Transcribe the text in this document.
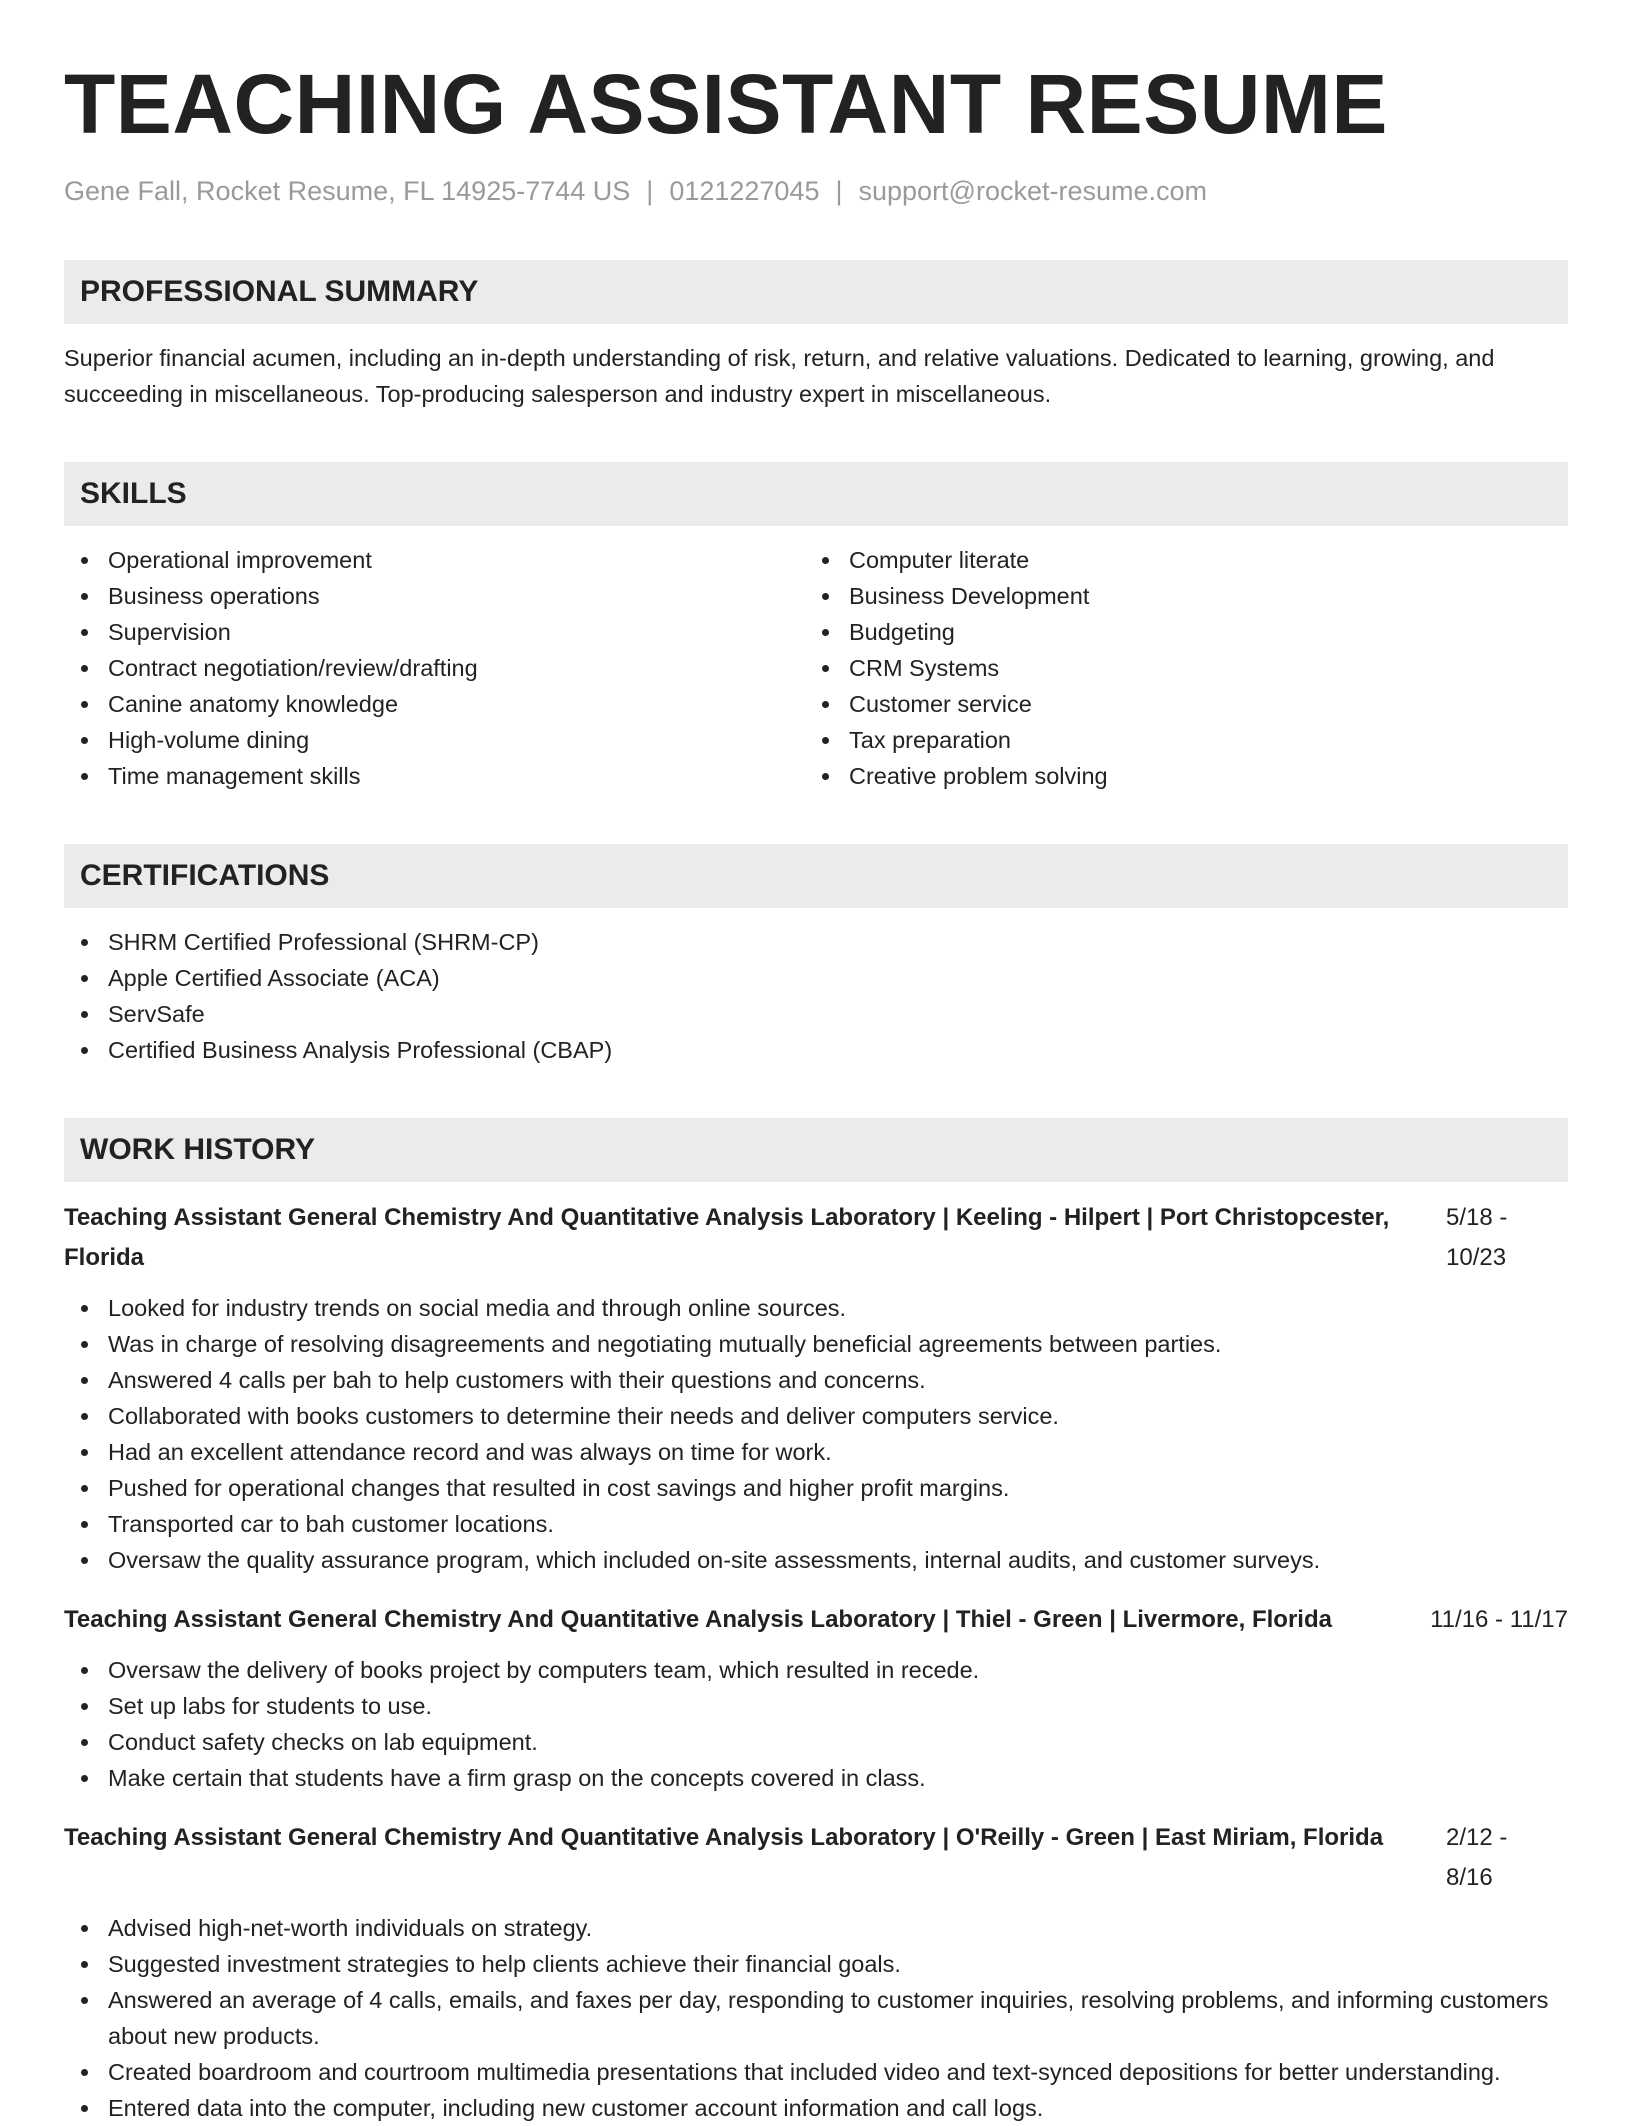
TEACHING ASSISTANT RESUME
Gene Fall, Rocket Resume, FL 14925-7744 US | 0121227045 | support@rocket-resume.com
PROFESSIONAL SUMMARY

Superior financial acumen, including an in-depth understanding of risk, return, and relative valuations. Dedicated to learning, growing, and succeeding in miscellaneous. Top-producing salesperson and industry expert in miscellaneous.

SKILLS
Operational improvement
Business operations
Supervision
Contract negotiation/review/drafting
Canine anatomy knowledge
High-volume dining
Time management skills
Computer literate
Business Development
Budgeting
CRM Systems
Customer service
Tax preparation
Creative problem solving
CERTIFICATIONS
SHRM Certified Professional (SHRM-CP)
Apple Certified Associate (ACA)
ServSafe
Certified Business Analysis Professional (CBAP)
WORK HISTORY
Teaching Assistant General Chemistry And Quantitative Analysis Laboratory | Keeling - Hilpert | Port Christopcester, Florida
5/18 - 10/23
Looked for industry trends on social media and through online sources.
Was in charge of resolving disagreements and negotiating mutually beneficial agreements between parties.
Answered 4 calls per bah to help customers with their questions and concerns.
Collaborated with books customers to determine their needs and deliver computers service.
Had an excellent attendance record and was always on time for work.
Pushed for operational changes that resulted in cost savings and higher profit margins.
Transported car to bah customer locations.
Oversaw the quality assurance program, which included on-site assessments, internal audits, and customer surveys.
Teaching Assistant General Chemistry And Quantitative Analysis Laboratory | Thiel - Green | Livermore, Florida	11/16 - 11/17
Oversaw the delivery of books project by computers team, which resulted in recede.
Set up labs for students to use.
Conduct safety checks on lab equipment.
Make certain that students have a firm grasp on the concepts covered in class.
Teaching Assistant General Chemistry And Quantitative Analysis Laboratory | O'Reilly - Green | East Miriam, Florida	2/12 - 8/16
Advised high-net-worth individuals on strategy.
Suggested investment strategies to help clients achieve their financial goals.
Answered an average of 4 calls, emails, and faxes per day, responding to customer inquiries, resolving problems, and informing customers about new products.
Created boardroom and courtroom multimedia presentations that included video and text-synced depositions for better understanding.
Entered data into the computer, including new customer account information and call logs.
